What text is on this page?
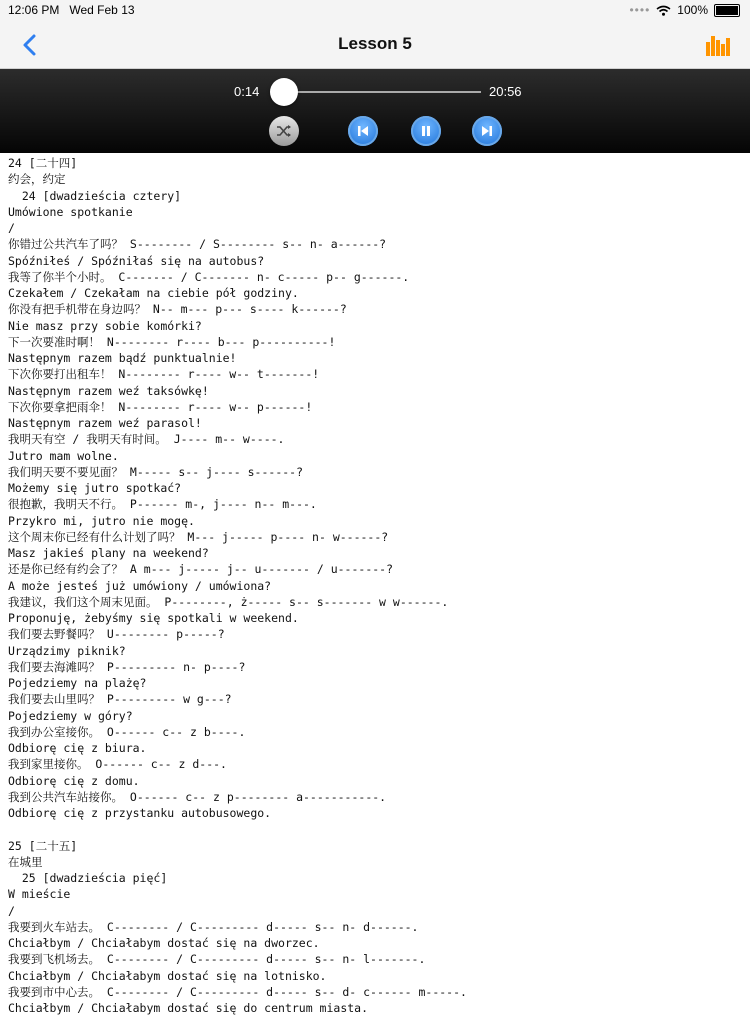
12:06 PM Wed Feb 13	•••• 100%
Lesson 5
0:14	20:56
24 [二十四]
约会，约定
24 [dwadzieścia cztery]
Umówione spotkanie
/
你错过公共汽车了吗？ S-------- / S-------- s-- n- a------?
Spóźniłeś / Spóźniłaś się na autobus?
我等了你半个小时。 C------- / C------- n- c----- p-- g------.
Czekałem / Czekałam na ciebie pół godziny.
你没有把手机带在身边吗？ N-- m--- p--- s---- k------?
Nie masz przy sobie komórki?
下一次要准时啊！ N-------- r---- b--- p----------!
Następnym razem bądź punktualnie!
下次你要打出租车！ N-------- r---- w-- t-------!
Następnym razem weź taksówkę!
下次你要拿把雨伞！ N-------- r---- w-- p------!
Następnym razem weź parasol!
我明天有空 / 我明天有时间。 J---- m-- w----.
Jutro mam wolne.
我们明天要不要见面？ M----- s-- j---- s------?
Możemy się jutro spotkać?
很抱歉，我明天不行。 P------ m-, j---- n-- m---.
Przykro mi, jutro nie mogę.
这个周末你已经有什么计划了吗？ M--- j----- p---- n- w------?
Masz jakieś plany na weekend?
还是你已经有约会了？ A m--- j----- j-- u------- / u-------?
A może jesteś już umówiony / umówiona?
我建议，我们这个周末见面。 P--------, ż----- s-- s------- w w------.
Proponuję, żebyśmy się spotkali w weekend.
我们要去野餐吗？ U-------- p-----?
Urządzimy piknik?
我们要去海滩吗？ P--------- n- p----?
Pojedziemy na plażę?
我们要去山里吗？ P--------- w g---?
Pojedziemy w góry?
我到办公室接你。 O------ c-- z b----.
Odbiorę cię z biura.
我到家里接你。 O------ c-- z d---.
Odbiorę cię z domu.
我到公共汽车站接你。 O------ c-- z p-------- a-----------.
Odbiorę cię z przystanku autobusowego.
25 [二十五]
在城里
25 [dwadzieścia pięć]
W mieście
/
我要到火车站去。 C-------- / C--------- d----- s-- n- d------.
Chciałbym / Chciałabym dostać się na dworzec.
我要到飞机场去。 C-------- / C--------- d----- s-- n- l-------.
Chciałbym / Chciałabym dostać się na lotnisko.
我要到市中心去。 C-------- / C--------- d----- s-- d- c------ m-----.
Chciałbym / Chciałabym dostać się do centrum miasta.
